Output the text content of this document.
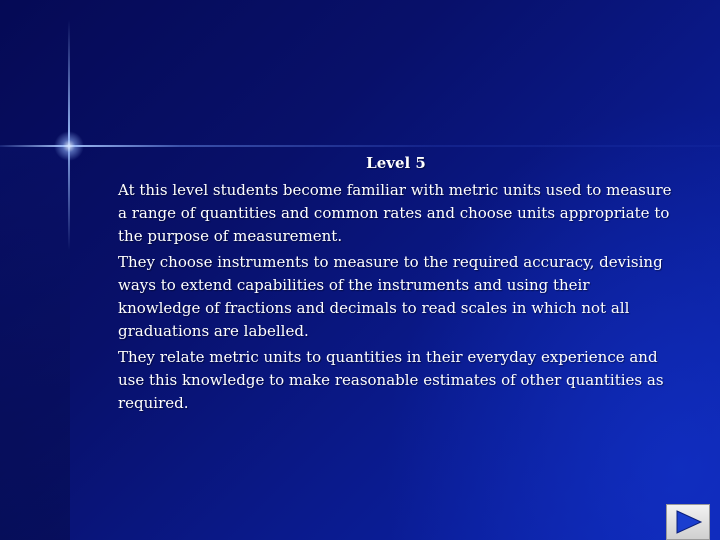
Level 5

At this level students become familiar with metric units used to measure a range of quantities and common rates and choose units appropriate to the purpose of measurement.

They choose instruments to measure to the required accuracy, devising ways to extend capabilities of the instruments and using their knowledge of fractions and decimals to read scales in which not all graduations are labelled.

They relate metric units to quantities in their everyday experience and use this knowledge to make reasonable estimates of other quantities as required.
